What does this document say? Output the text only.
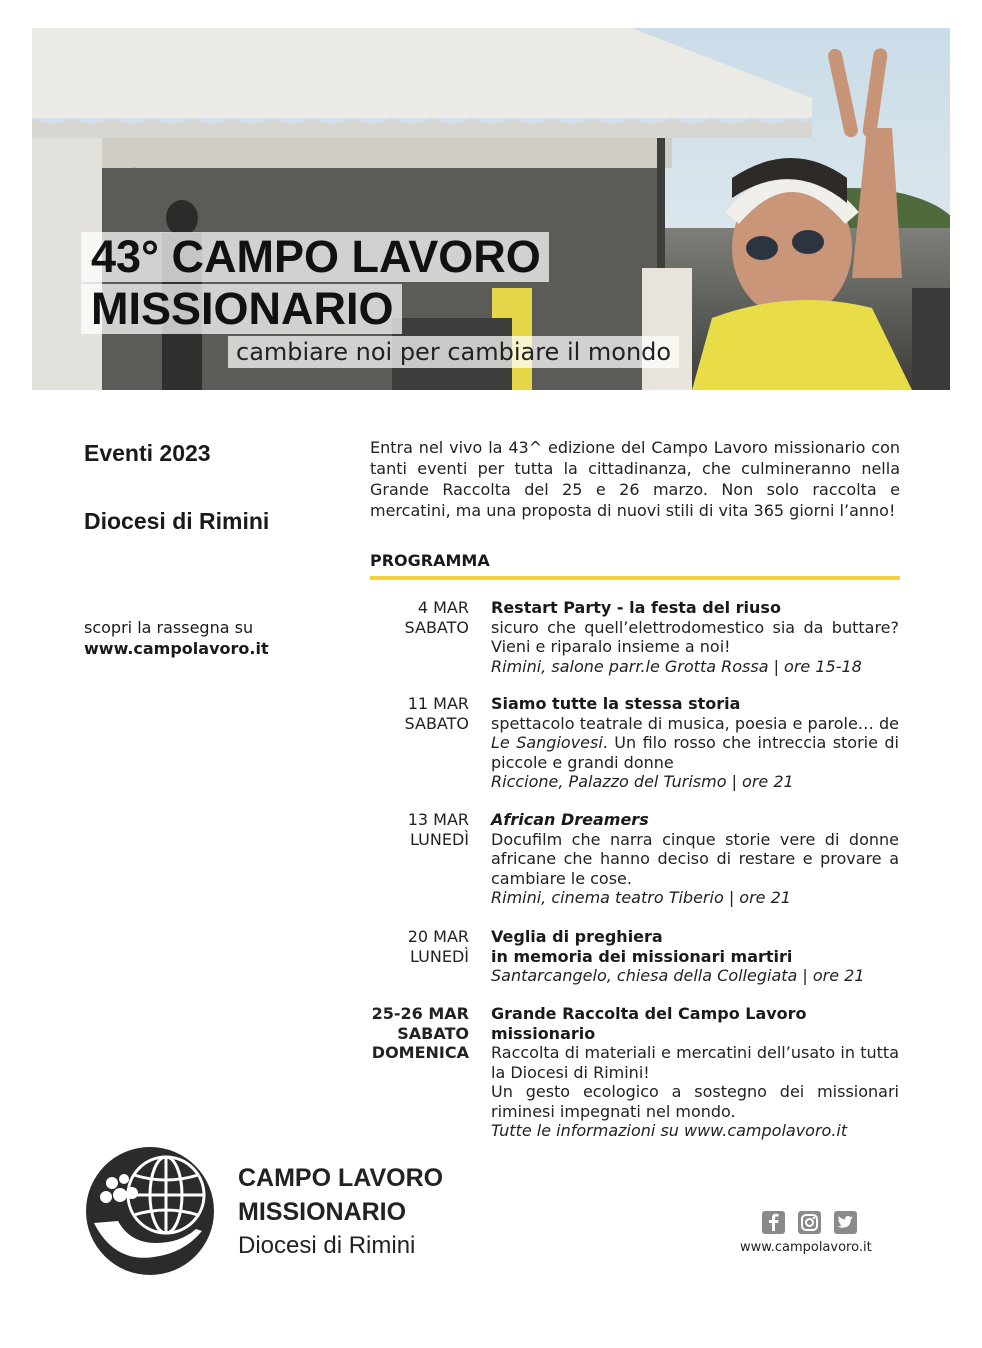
43° CAMPO LAVORO
MISSIONARIO
cambiare noi per cambiare il mondo
Eventi 2023
Diocesi di Rimini
scopri la rassegna su
www.campolavoro.it
Entra nel vivo la 43^ edizione del Campo Lavoro missionario con tanti eventi per tutta la cittadinanza, che culmineranno nella Grande Raccolta del 25 e 26 marzo. Non solo raccolta e mercatini, ma una proposta di nuovi stili di vita 365 giorni l’anno!
PROGRAMMA
4 MAR
SABATO
Restart Party - la festa del riuso
sicuro che quell’elettrodomestico sia da buttare? Vieni e riparalo insieme a noi!
Rimini, salone parr.le Grotta Rossa | ore 15-18
11 MAR
SABATO
Siamo tutte la stessa storia
spettacolo teatrale di musica, poesia e parole… de Le Sangiovesi. Un filo rosso che intreccia storie di piccole e grandi donne
Riccione, Palazzo del Turismo | ore 21
13 MAR
LUNEDÌ
African Dreamers
Docufilm che narra cinque storie vere di donne africane che hanno deciso di restare e provare a cambiare le cose.
Rimini, cinema teatro Tiberio | ore 21
20 MAR
LUNEDÌ
Veglia di preghiera
in memoria dei missionari martiri
Santarcangelo, chiesa della Collegiata | ore 21
25-26 MAR
SABATO
DOMENICA
Grande Raccolta del Campo Lavoro missionario
Raccolta di materiali e mercatini dell’usato in tutta la Diocesi di Rimini!
Un gesto ecologico a sostegno dei missionari riminesi impegnati nel mondo.
Tutte le informazioni su www.campolavoro.it
CAMPO LAVORO
MISSIONARIO
Diocesi di Rimini	www.campolavoro.it
